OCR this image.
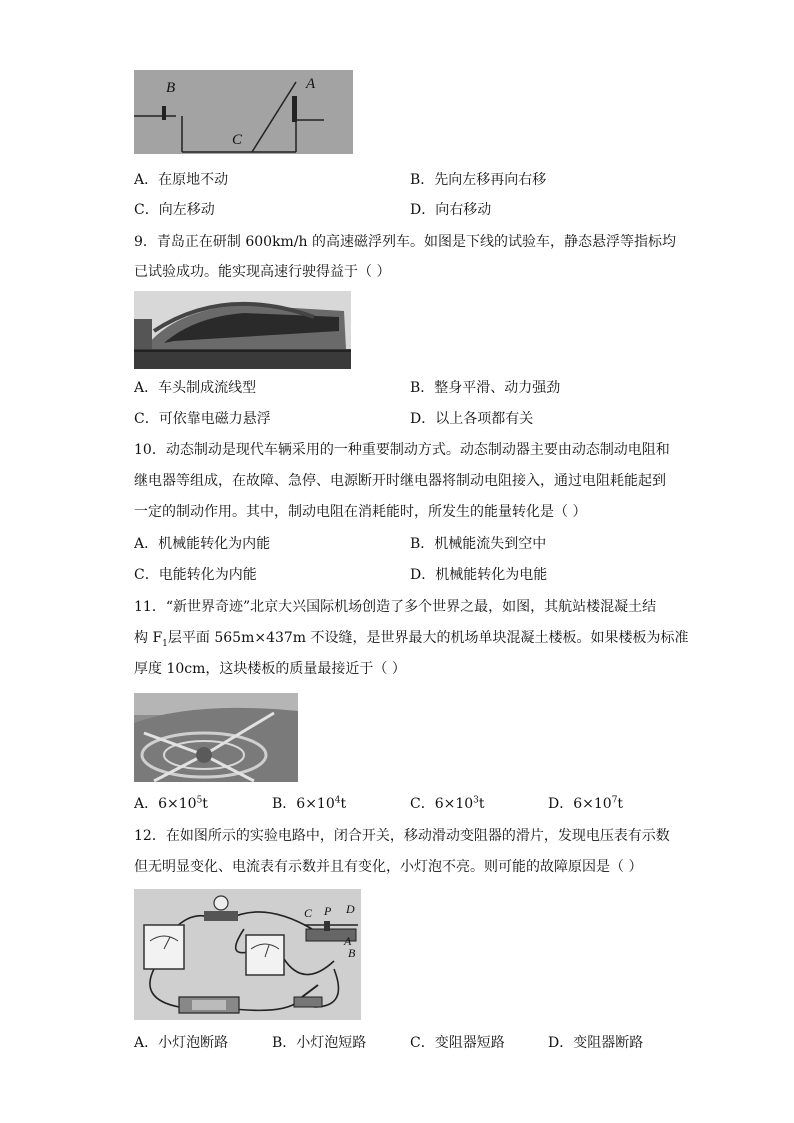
B	A
C
A．在原地不动	B．先向左移再向右移
C．向左移动	D．向右移动
9．青岛正在研制 600km/h 的高速磁浮列车。如图是下线的试验车，静态悬浮等指标均
已试验成功。能实现高速行驶得益于（ ）
A．车头制成流线型	B．整身平滑、动力强劲
C．可依靠电磁力悬浮	D．以上各项都有关
10．动态制动是现代车辆采用的一种重要制动方式。动态制动器主要由动态制动电阻和
继电器等组成，在故障、急停、电源断开时继电器将制动电阻接入，通过电阻耗能起到
一定的制动作用。其中，制动电阻在消耗能时，所发生的能量转化是（ ）
A．机械能转化为内能	B．机械能流失到空中
C．电能转化为内能	D．机械能转化为电能
11．“新世界奇迹”北京大兴国际机场创造了多个世界之最，如图，其航站楼混凝土结
构 $F_1$层平面 565m×437m 不设缝，是世界最大的机场单块混凝土楼板。如果楼板为标准
厚度 10cm，这块楼板的质量最接近于（ ）
A．$6\times 10^5t$	B．$6\times 10^4t$	C．$6\times 10^3t$	D．$6\times 10^7t$
12．在如图所示的实验电路中，闭合开关，移动滑动变阻器的滑片，发现电压表有示数
但无明显变化、电流表有示数并且有变化，小灯泡不亮。则可能的故障原因是（ ）
C P D
A
B
A．小灯泡断路	B．小灯泡短路	C．变阻器短路	D．变阻器断路
